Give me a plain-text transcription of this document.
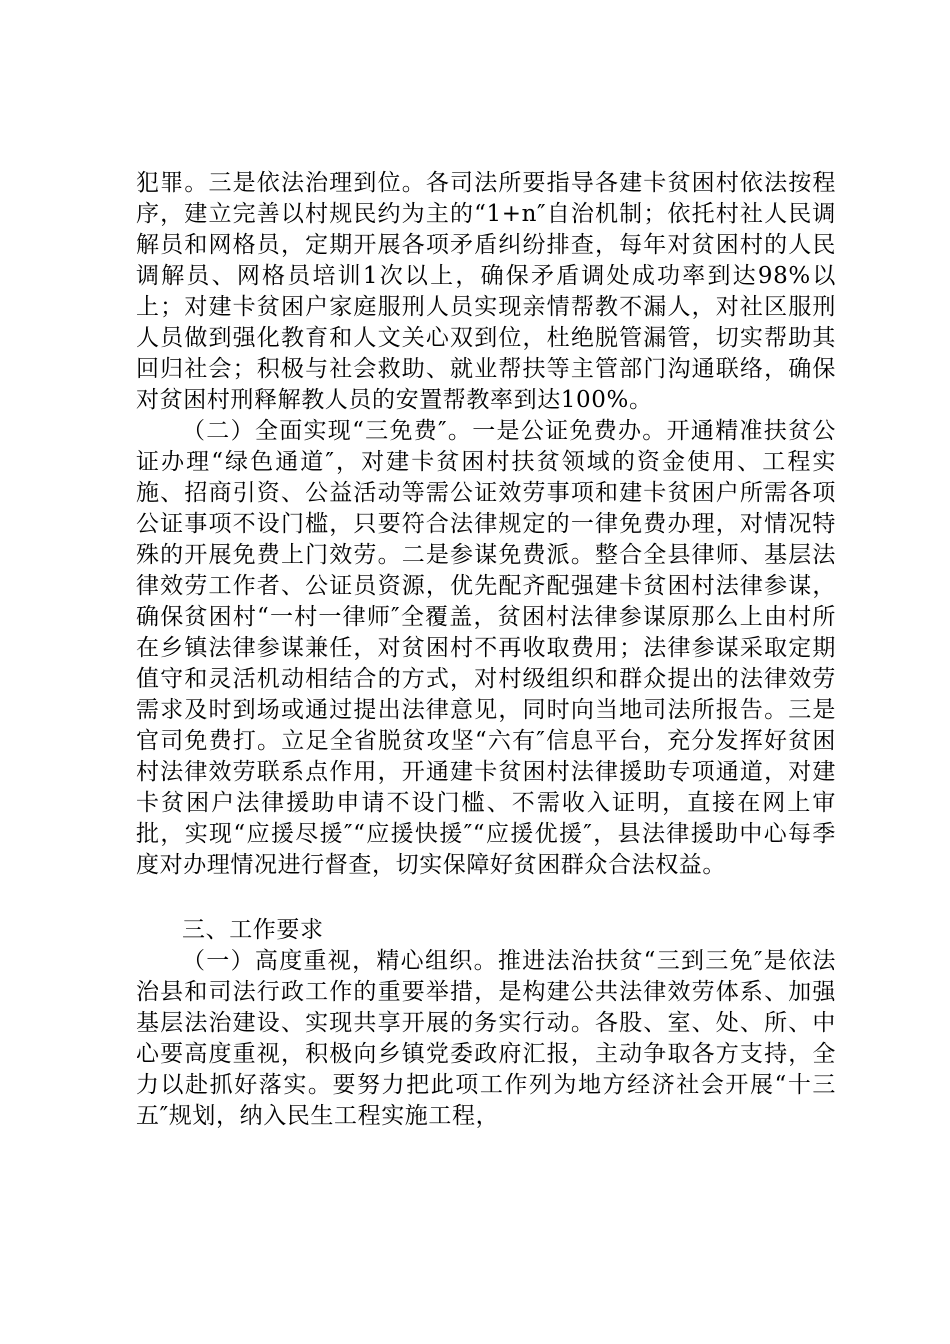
犯罪。三是依法治理到位。各司法所要指导各建卡贫困村依法按程序，建立完善以村规民约为主的“1+n″自治机制；依托村社人民调解员和网格员，定期开展各项矛盾纠纷排查，每年对贫困村的人民调解员、网格员培训1次以上，确保矛盾调处成功率到达98%以上；对建卡贫困户家庭服刑人员实现亲情帮教不漏人，对社区服刑人员做到强化教育和人文关心双到位，杜绝脱管漏管，切实帮助其回归社会；积极与社会救助、就业帮扶等主管部门沟通联络，确保对贫困村刑释解教人员的安置帮教率到达100%。

（二）全面实现“三免费″。一是公证免费办。开通精准扶贫公证办理“绿色通道″，对建卡贫困村扶贫领域的资金使用、工程实施、招商引资、公益活动等需公证效劳事项和建卡贫困户所需各项公证事项不设门槛，只要符合法律规定的一律免费办理，对情况特殊的开展免费上门效劳。二是参谋免费派。整合全县律师、基层法律效劳工作者、公证员资源，优先配齐配强建卡贫困村法律参谋，确保贫困村“一村一律师″全覆盖，贫困村法律参谋原那么上由村所在乡镇法律参谋兼任，对贫困村不再收取费用；法律参谋采取定期值守和灵活机动相结合的方式，对村级组织和群众提出的法律效劳需求及时到场或通过提出法律意见，同时向当地司法所报告。三是官司免费打。立足全省脱贫攻坚“六有″信息平台，充分发挥好贫困村法律效劳联系点作用，开通建卡贫困村法律援助专项通道，对建卡贫困户法律援助申请不设门槛、不需收入证明，直接在网上审批，实现“应援尽援″“应援快援″“应援优援″，县法律援助中心每季度对办理情况进行督查，切实保障好贫困群众合法权益。

三、工作要求

（一）高度重视，精心组织。推进法治扶贫“三到三免″是依法治县和司法行政工作的重要举措，是构建公共法律效劳体系、加强基层法治建设、实现共享开展的务实行动。各股、室、处、所、中心要高度重视，积极向乡镇党委政府汇报，主动争取各方支持，全力以赴抓好落实。要努力把此项工作列为地方经济社会开展“十三五″规划，纳入民生工程实施工程，
